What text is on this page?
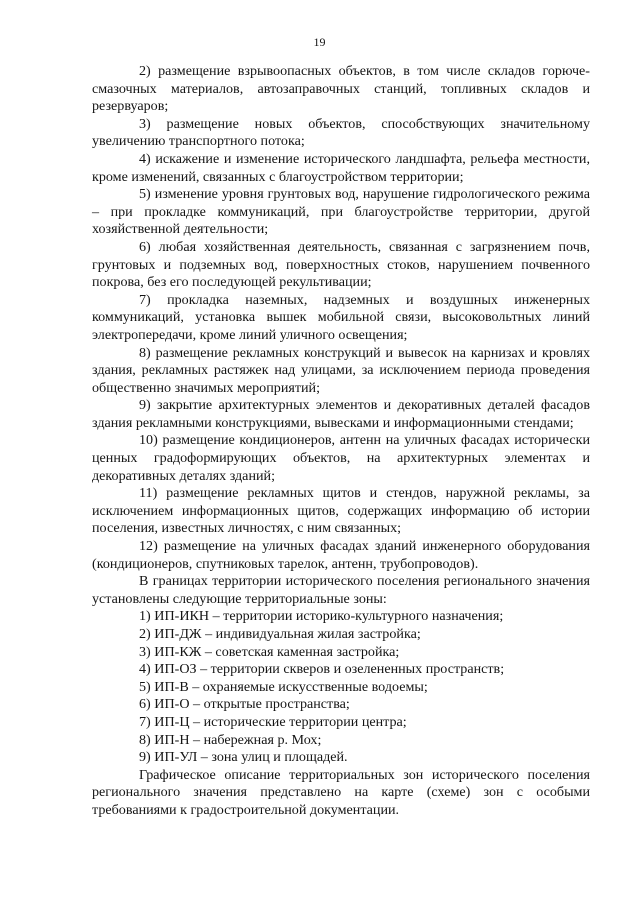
19

2) размещение взрывоопасных объектов, в том числе складов горюче-смазочных материалов, автозаправочных станций, топливных складов и резервуаров;

3) размещение новых объектов, способствующих значительному увеличению транспортного потока;

4) искажение и изменение исторического ландшафта, рельефа местности, кроме изменений, связанных с благоустройством территории;

5) изменение уровня грунтовых вод, нарушение гидрологического режима – при прокладке коммуникаций, при благоустройстве территории, другой хозяйственной деятельности;

6) любая хозяйственная деятельность, связанная с загрязнением почв, грунтовых и подземных вод, поверхностных стоков, нарушением почвенного покрова, без его последующей рекультивации;

7) прокладка наземных, надземных и воздушных инженерных коммуникаций, установка вышек мобильной связи, высоковольтных линий электропередачи, кроме линий уличного освещения;

8) размещение рекламных конструкций и вывесок на карнизах и кровлях здания, рекламных растяжек над улицами, за исключением периода проведения общественно значимых мероприятий;

9) закрытие архитектурных элементов и декоративных деталей фасадов здания рекламными конструкциями, вывесками и информационными стендами;

10) размещение кондиционеров, антенн на уличных фасадах исторически ценных градоформирующих объектов, на архитектурных элементах и декоративных деталях зданий;

11) размещение рекламных щитов и стендов, наружной рекламы, за исключением информационных щитов, содержащих информацию об истории поселения, известных личностях, с ним связанных;

12) размещение на уличных фасадах зданий инженерного оборудования (кондиционеров, спутниковых тарелок, антенн, трубопроводов).

В границах территории исторического поселения регионального значения установлены следующие территориальные зоны:

1) ИП-ИКН – территории историко-культурного назначения;

2) ИП-ДЖ – индивидуальная жилая застройка;

3) ИП-КЖ – советская каменная застройка;

4) ИП-ОЗ – территории скверов и озелененных пространств;

5) ИП-В – охраняемые искусственные водоемы;

6) ИП-О – открытые пространства;

7) ИП-Ц – исторические территории центра;

8) ИП-Н – набережная р. Мох;

9) ИП-УЛ – зона улиц и площадей.

Графическое описание территориальных зон исторического поселения регионального значения представлено на карте (схеме) зон с особыми требованиями к градостроительной документации.
